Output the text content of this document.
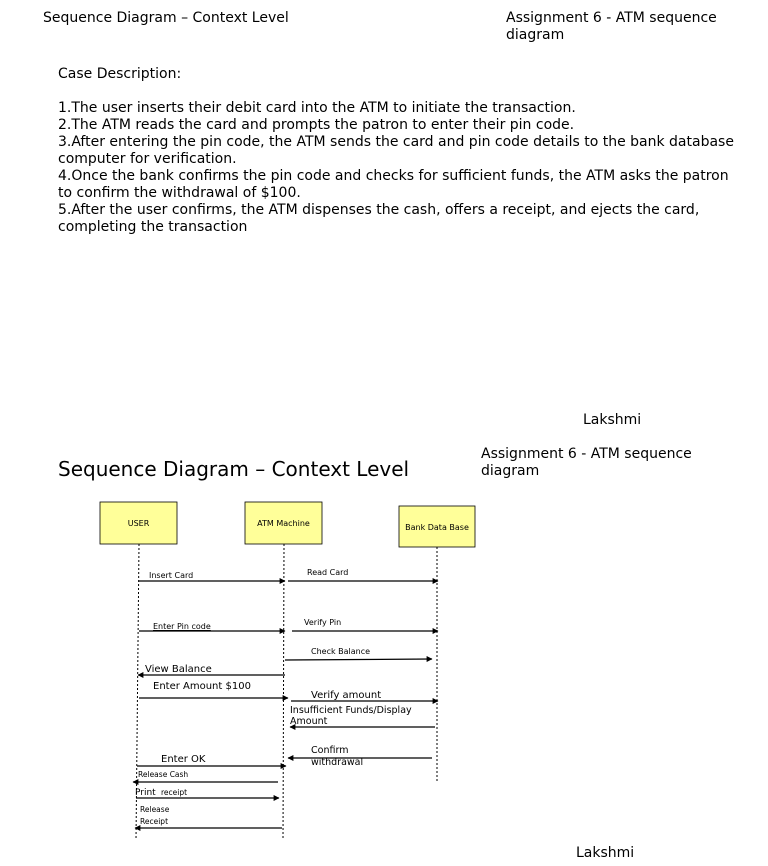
Sequence Diagram – Context Level	Assignment 6 - ATM sequence diagram
Case Description:

1.The user inserts their debit card into the ATM to initiate the transaction.
2.The ATM reads the card and prompts the patron to enter their pin code.
3.After entering the pin code, the ATM sends the card and pin code details to the bank database  computer for verification.
4.Once the bank confirms the pin code and checks for sufficient funds, the ATM asks the patron to confirm the withdrawal of $100.
5.After the user confirms, the ATM dispenses the cash, offers a receipt, and ejects the card, completing the transaction
Lakshmi
Sequence Diagram – Context Level
Assignment 6 - ATM sequence diagram
Lakshmi
USER	ATM Machine	Bank Data Base
Insert Card	Read Card
Enter Pin code	Verify Pin
Check Balance
View Balance
Enter Amount $100
Verify amount
Insufficient Funds/Display
Amount
Confirm
withdrawal
Enter OK
Release Cash
Print receipt
Release
Receipt
